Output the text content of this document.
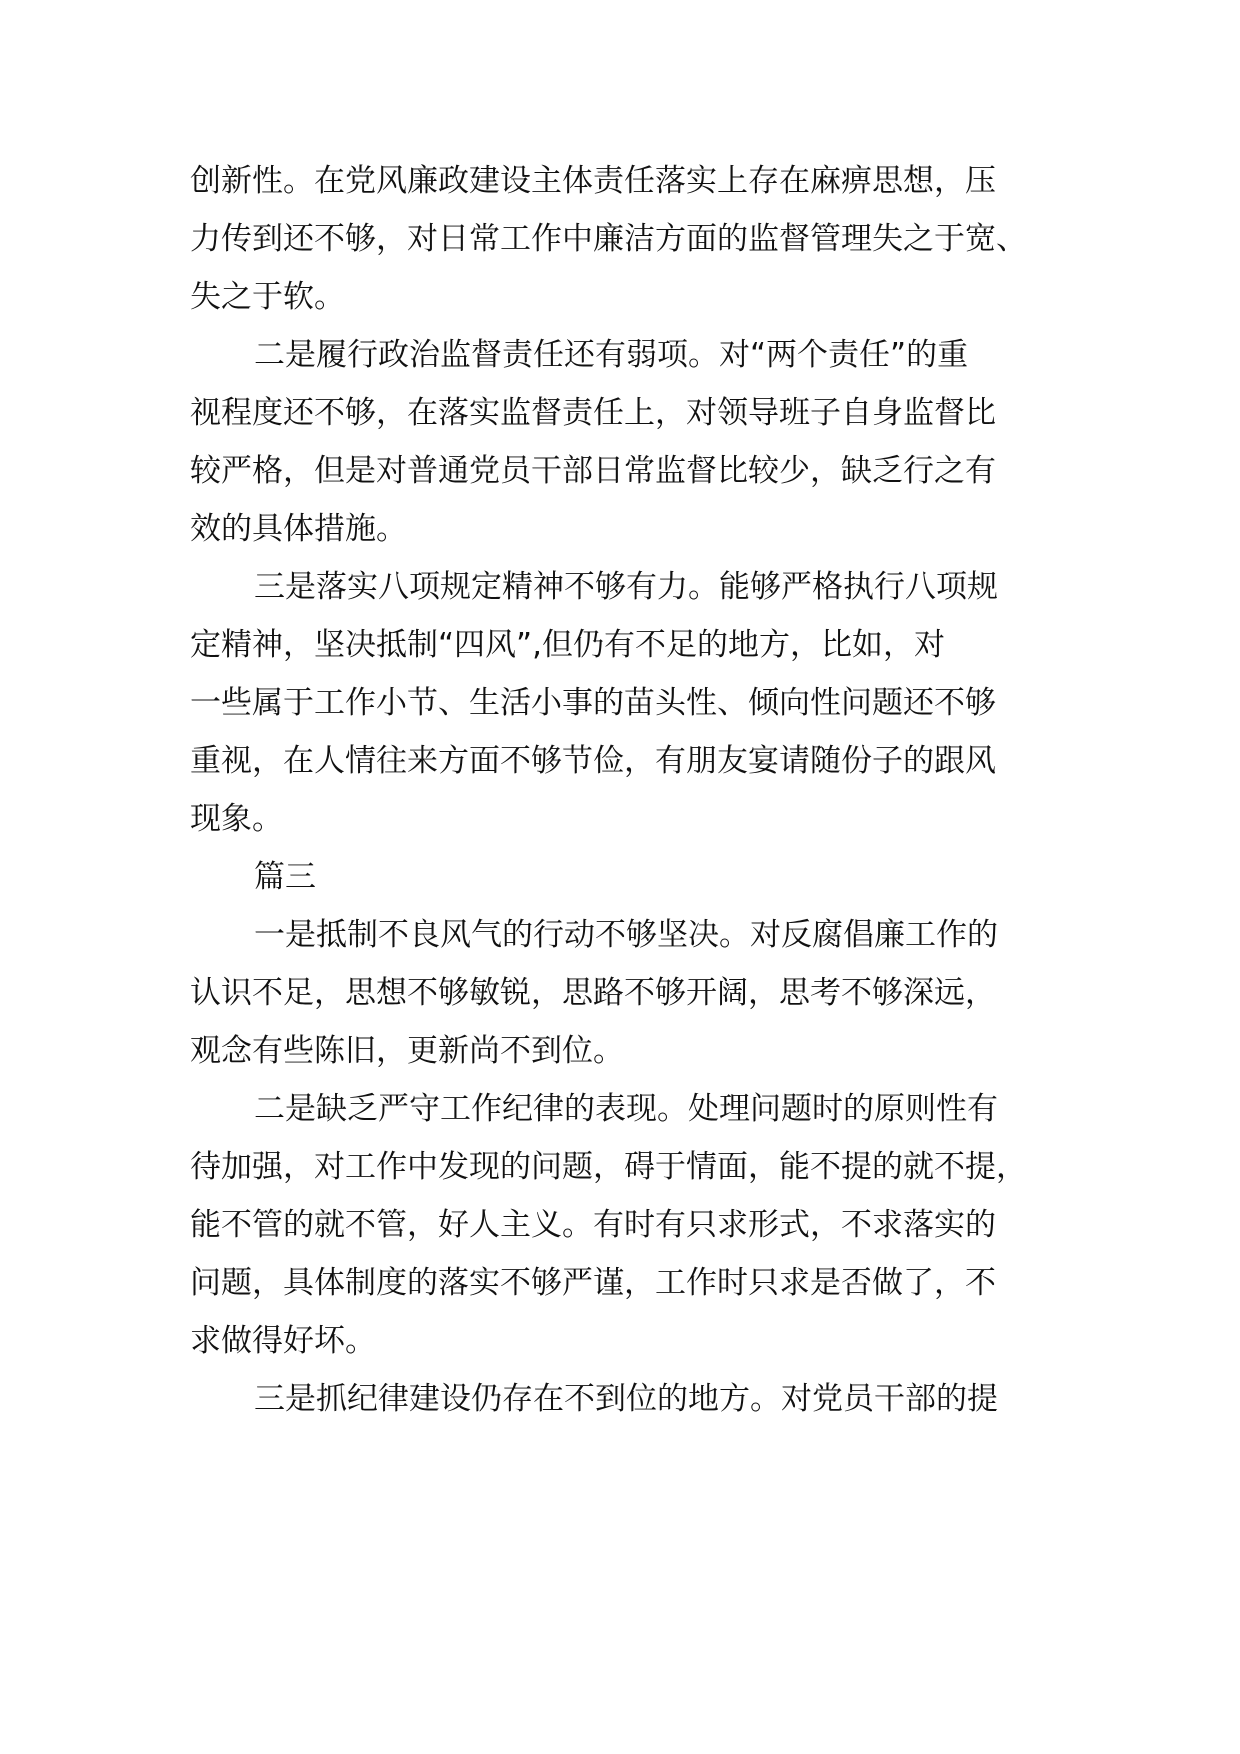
创新性。在党风廉政建设主体责任落实上存在麻痹思想，压
力传到还不够，对日常工作中廉洁方面的监督管理失之于宽、
失之于软。
二是履行政治监督责任还有弱项。对“两个责任”的重
视程度还不够，在落实监督责任上，对领导班子自身监督比
较严格，但是对普通党员干部日常监督比较少，缺乏行之有
效的具体措施。
三是落实八项规定精神不够有力。能够严格执行八项规
定精神，坚决抵制“四风”,但仍有不足的地方，比如，对
一些属于工作小节、生活小事的苗头性、倾向性问题还不够
重视，在人情往来方面不够节俭，有朋友宴请随份子的跟风
现象。
篇三
一是抵制不良风气的行动不够坚决。对反腐倡廉工作的
认识不足，思想不够敏锐，思路不够开阔，思考不够深远，
观念有些陈旧，更新尚不到位。
二是缺乏严守工作纪律的表现。处理问题时的原则性有
待加强，对工作中发现的问题，碍于情面，能不提的就不提，
能不管的就不管，好人主义。有时有只求形式，不求落实的
问题，具体制度的落实不够严谨，工作时只求是否做了，不
求做得好坏。
三是抓纪律建设仍存在不到位的地方。对党员干部的提
